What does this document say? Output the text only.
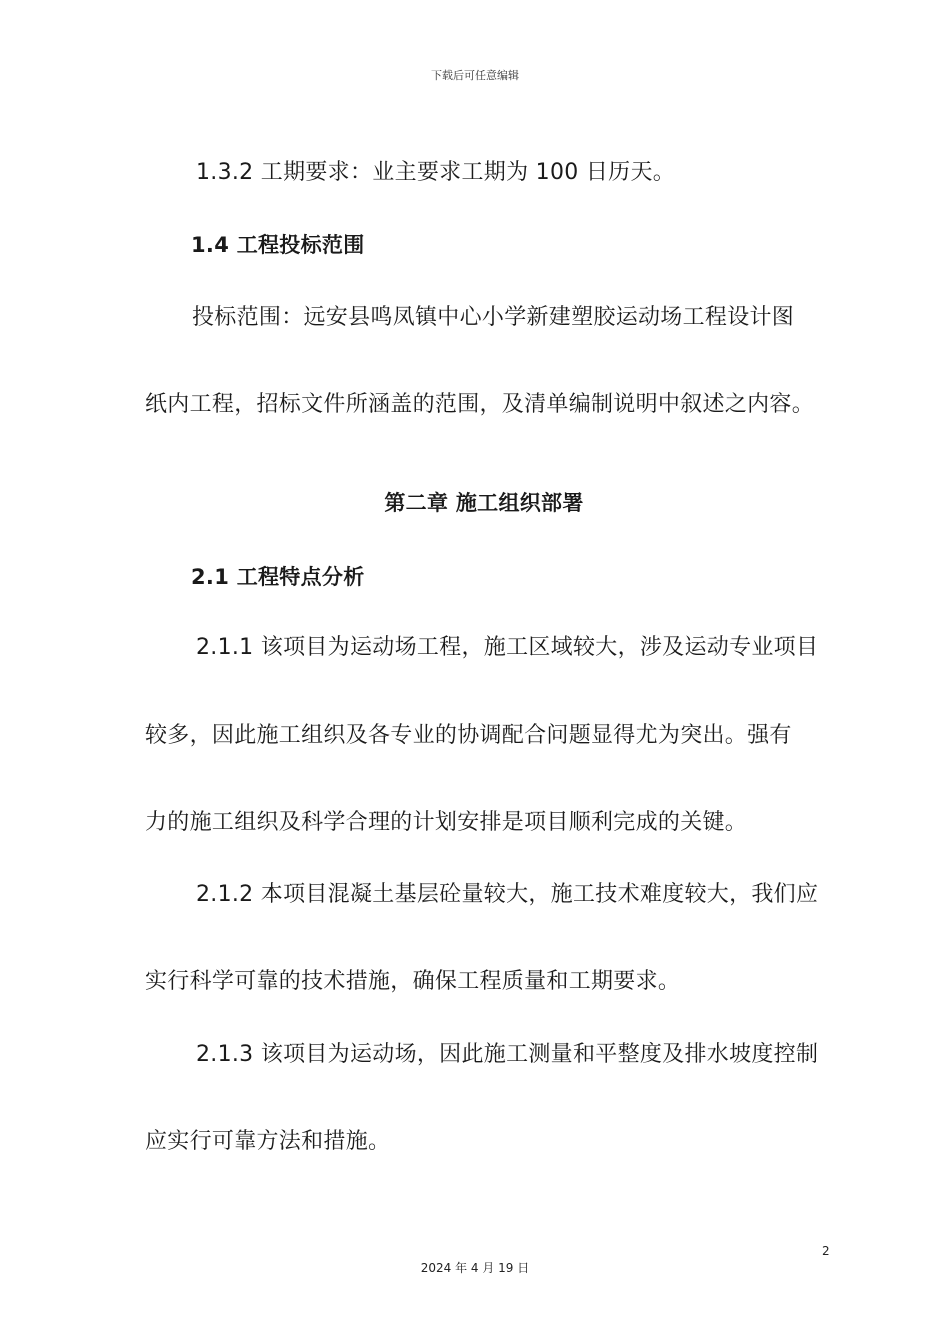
下载后可任意编辑
1.3.2 工期要求：业主要求工期为 100 日历天。
1.4 工程投标范围
投标范围：远安县鸣凤镇中心小学新建塑胶运动场工程设计图
纸内工程，招标文件所涵盖的范围，及清单编制说明中叙述之内容。
第二章 施工组织部署
2.1 工程特点分析
2.1.1 该项目为运动场工程，施工区域较大，涉及运动专业项目
较多，因此施工组织及各专业的协调配合问题显得尤为突出。强有
力的施工组织及科学合理的计划安排是项目顺利完成的关键。
2.1.2 本项目混凝土基层砼量较大，施工技术难度较大，我们应
实行科学可靠的技术措施，确保工程质量和工期要求。
2.1.3 该项目为运动场，因此施工测量和平整度及排水坡度控制
应实行可靠方法和措施。
2
2024 年 4 月 19 日
